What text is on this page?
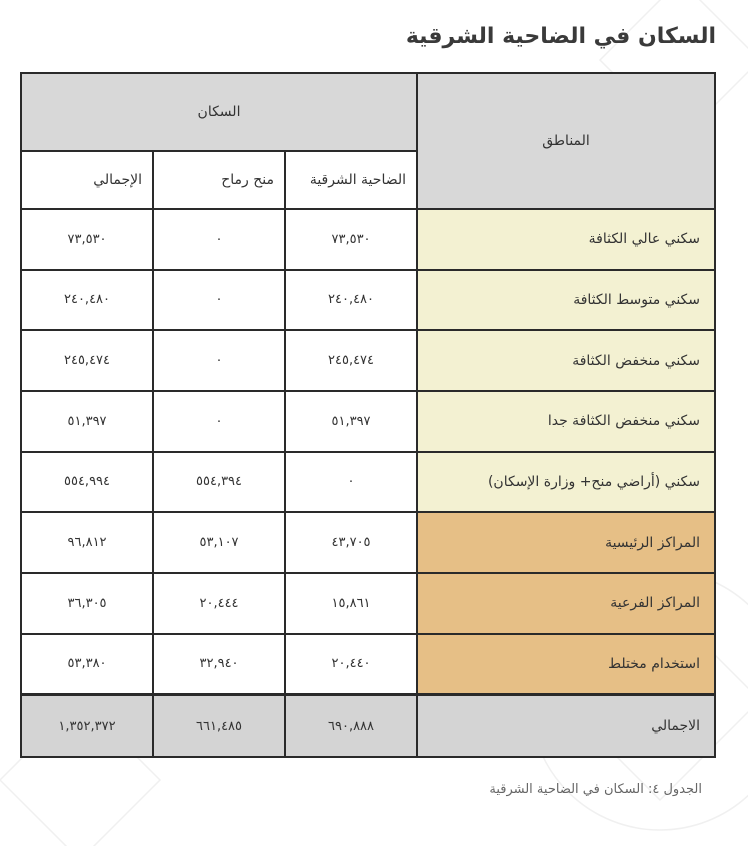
السكان في الضاحية الشرقية
المناطق	السكان		
	الضاحية الشرقية	منح رماح	الإجمالي
سكني عالي الكثافة	٧٣,٥٣٠	٠	٧٣,٥٣٠
سكني متوسط الكثافة	٢٤٠,٤٨٠	٠	٢٤٠,٤٨٠
سكني منخفض الكثافة	٢٤٥,٤٧٤	٠	٢٤٥,٤٧٤
سكني منخفض الكثافة جدا	٥١,٣٩٧	٠	٥١,٣٩٧
سكني (أراضي منح+ وزارة الإسكان)	٠	٥٥٤,٣٩٤	٥٥٤,٩٩٤
المراكز الرئيسية	٤٣,٧٠٥	٥٣,١٠٧	٩٦,٨١٢
المراكز الفرعية	١٥,٨٦١	٢٠,٤٤٤	٣٦,٣٠٥
استخدام مختلط	٢٠,٤٤٠	٣٢,٩٤٠	٥٣,٣٨٠
الاجمالي	٦٩٠,٨٨٨	٦٦١,٤٨٥	١,٣٥٢,٣٧٢

الجدول ٤: السكان في الضاحية الشرقية
